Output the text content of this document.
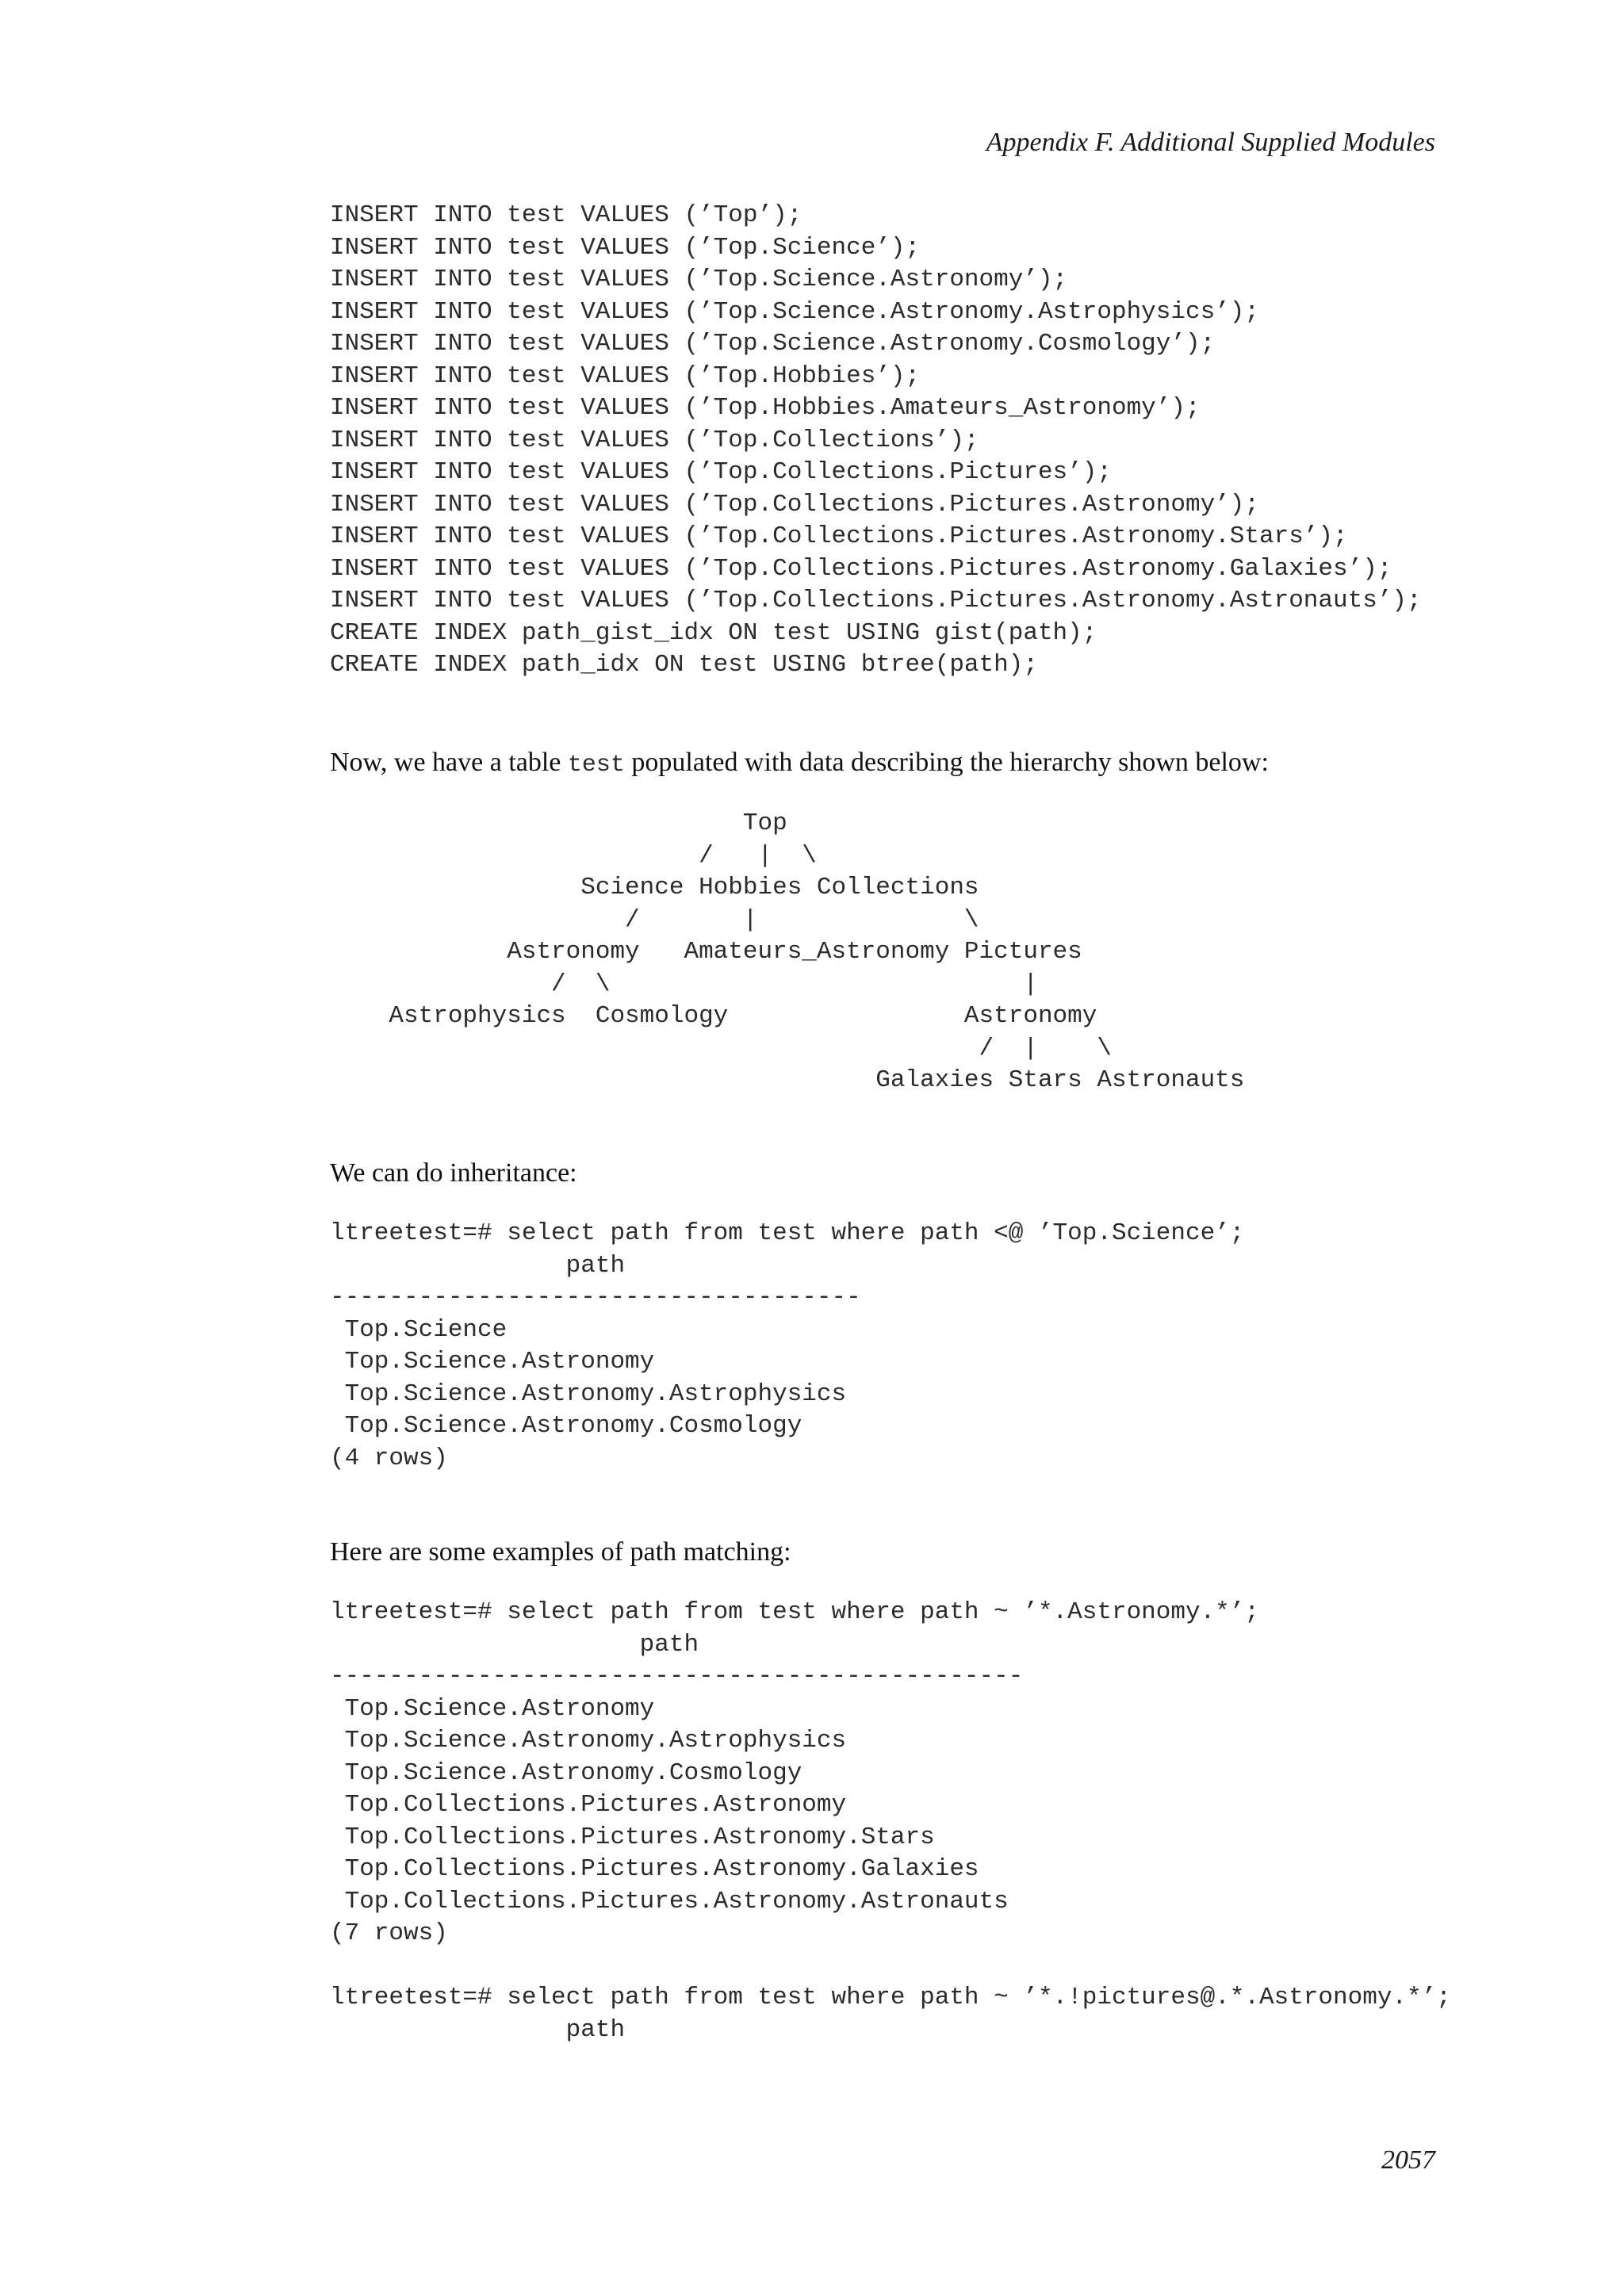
Appendix F. Additional Supplied Modules
INSERT INTO test VALUES (’Top’);
INSERT INTO test VALUES (’Top.Science’);
INSERT INTO test VALUES (’Top.Science.Astronomy’);
INSERT INTO test VALUES (’Top.Science.Astronomy.Astrophysics’);
INSERT INTO test VALUES (’Top.Science.Astronomy.Cosmology’);
INSERT INTO test VALUES (’Top.Hobbies’);
INSERT INTO test VALUES (’Top.Hobbies.Amateurs_Astronomy’);
INSERT INTO test VALUES (’Top.Collections’);
INSERT INTO test VALUES (’Top.Collections.Pictures’);
INSERT INTO test VALUES (’Top.Collections.Pictures.Astronomy’);
INSERT INTO test VALUES (’Top.Collections.Pictures.Astronomy.Stars’);
INSERT INTO test VALUES (’Top.Collections.Pictures.Astronomy.Galaxies’);
INSERT INTO test VALUES (’Top.Collections.Pictures.Astronomy.Astronauts’);
CREATE INDEX path_gist_idx ON test USING gist(path);
CREATE INDEX path_idx ON test USING btree(path);

Now, we have a table test populated with data describing the hierarchy shown below:

Top
/   |  \
Science Hobbies Collections
/       |              \
Astronomy   Amateurs_Astronomy Pictures
/  \                            |
Astrophysics  Cosmology                Astronomy
/  |    \
Galaxies Stars Astronauts

We can do inheritance:

ltreetest=# select path from test where path <@ ’Top.Science’;
path
------------------------------------
Top.Science
Top.Science.Astronomy
Top.Science.Astronomy.Astrophysics
Top.Science.Astronomy.Cosmology
(4 rows)

Here are some examples of path matching:

ltreetest=# select path from test where path ~ ’*.Astronomy.*’;
path
-----------------------------------------------
Top.Science.Astronomy
Top.Science.Astronomy.Astrophysics
Top.Science.Astronomy.Cosmology
Top.Collections.Pictures.Astronomy
Top.Collections.Pictures.Astronomy.Stars
Top.Collections.Pictures.Astronomy.Galaxies
Top.Collections.Pictures.Astronomy.Astronauts
(7 rows)

ltreetest=# select path from test where path ~ ’*.!pictures@.*.Astronomy.*’;
path
2057
